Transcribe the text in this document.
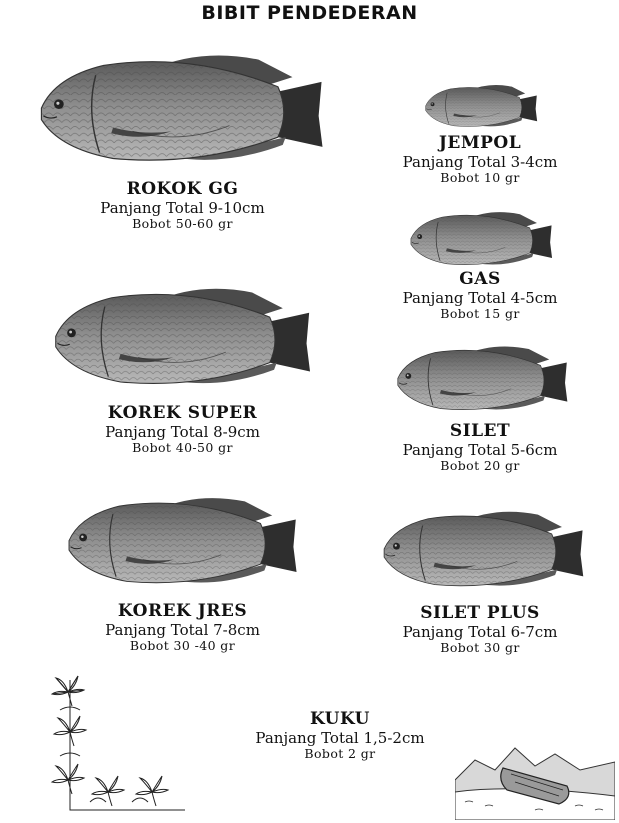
BIBIT PENDEDERAN
ROKOK GG
Panjang Total 9-10cm
Bobot 50-60 gr
JEMPOL
Panjang Total 3-4cm
Bobot 10 gr
GAS
Panjang Total 4-5cm
Bobot 15 gr
KOREK SUPER
Panjang Total 8-9cm
Bobot 40-50 gr
SILET
Panjang Total 5-6cm
Bobot 20 gr
KOREK JRES
Panjang Total 7-8cm
Bobot 30 -40 gr
SILET PLUS
Panjang Total 6-7cm
Bobot 30 gr
KUKU
Panjang Total 1,5-2cm
Bobot 2 gr
